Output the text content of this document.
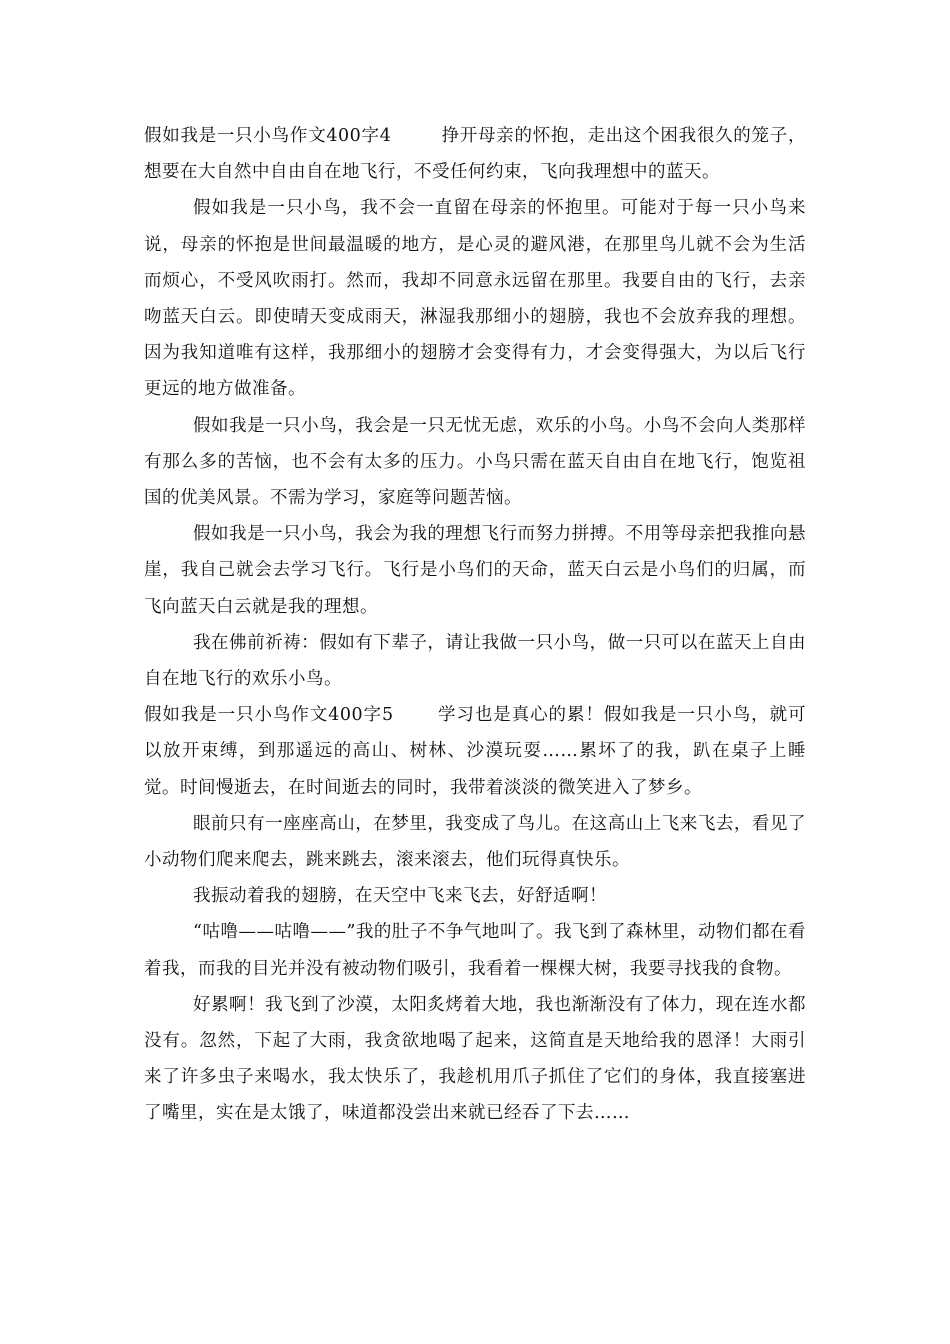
假如我是一只小鸟作文400字4	挣开母亲的怀抱，走出这个困我很久的笼子，想要在大自然中自由自在地飞行，不受任何约束，飞向我理想中的蓝天。

假如我是一只小鸟，我不会一直留在母亲的怀抱里。可能对于每一只小鸟来说，母亲的怀抱是世间最温暖的地方，是心灵的避风港，在那里鸟儿就不会为生活而烦心，不受风吹雨打。然而，我却不同意永远留在那里。我要自由的飞行，去亲吻蓝天白云。即使晴天变成雨天，淋湿我那细小的翅膀，我也不会放弃我的理想。因为我知道唯有这样，我那细小的翅膀才会变得有力，才会变得强大，为以后飞行更远的地方做准备。

假如我是一只小鸟，我会是一只无忧无虑，欢乐的小鸟。小鸟不会向人类那样有那么多的苦恼，也不会有太多的压力。小鸟只需在蓝天自由自在地飞行，饱览祖国的优美风景。不需为学习，家庭等问题苦恼。

假如我是一只小鸟，我会为我的理想飞行而努力拼搏。不用等母亲把我推向悬崖，我自己就会去学习飞行。飞行是小鸟们的天命，蓝天白云是小鸟们的归属，而飞向蓝天白云就是我的理想。

我在佛前祈祷：假如有下辈子，请让我做一只小鸟，做一只可以在蓝天上自由自在地飞行的欢乐小鸟。

假如我是一只小鸟作文400字5	学习也是真心的累！假如我是一只小鸟，就可以放开束缚，到那遥远的高山、树林、沙漠玩耍……累坏了的我，趴在桌子上睡觉。时间慢逝去，在时间逝去的同时，我带着淡淡的微笑进入了梦乡。

眼前只有一座座高山，在梦里，我变成了鸟儿。在这高山上飞来飞去，看见了小动物们爬来爬去，跳来跳去，滚来滚去，他们玩得真快乐。

我振动着我的翅膀，在天空中飞来飞去，好舒适啊！

“咕噜——咕噜——”我的肚子不争气地叫了。我飞到了森林里，动物们都在看着我，而我的目光并没有被动物们吸引，我看着一棵棵大树，我要寻找我的食物。

好累啊！我飞到了沙漠，太阳炙烤着大地，我也渐渐没有了体力，现在连水都没有。忽然，下起了大雨，我贪欲地喝了起来，这简直是天地给我的恩泽！大雨引来了许多虫子来喝水，我太快乐了，我趁机用爪子抓住了它们的身体，我直接塞进了嘴里，实在是太饿了，味道都没尝出来就已经吞了下去……
